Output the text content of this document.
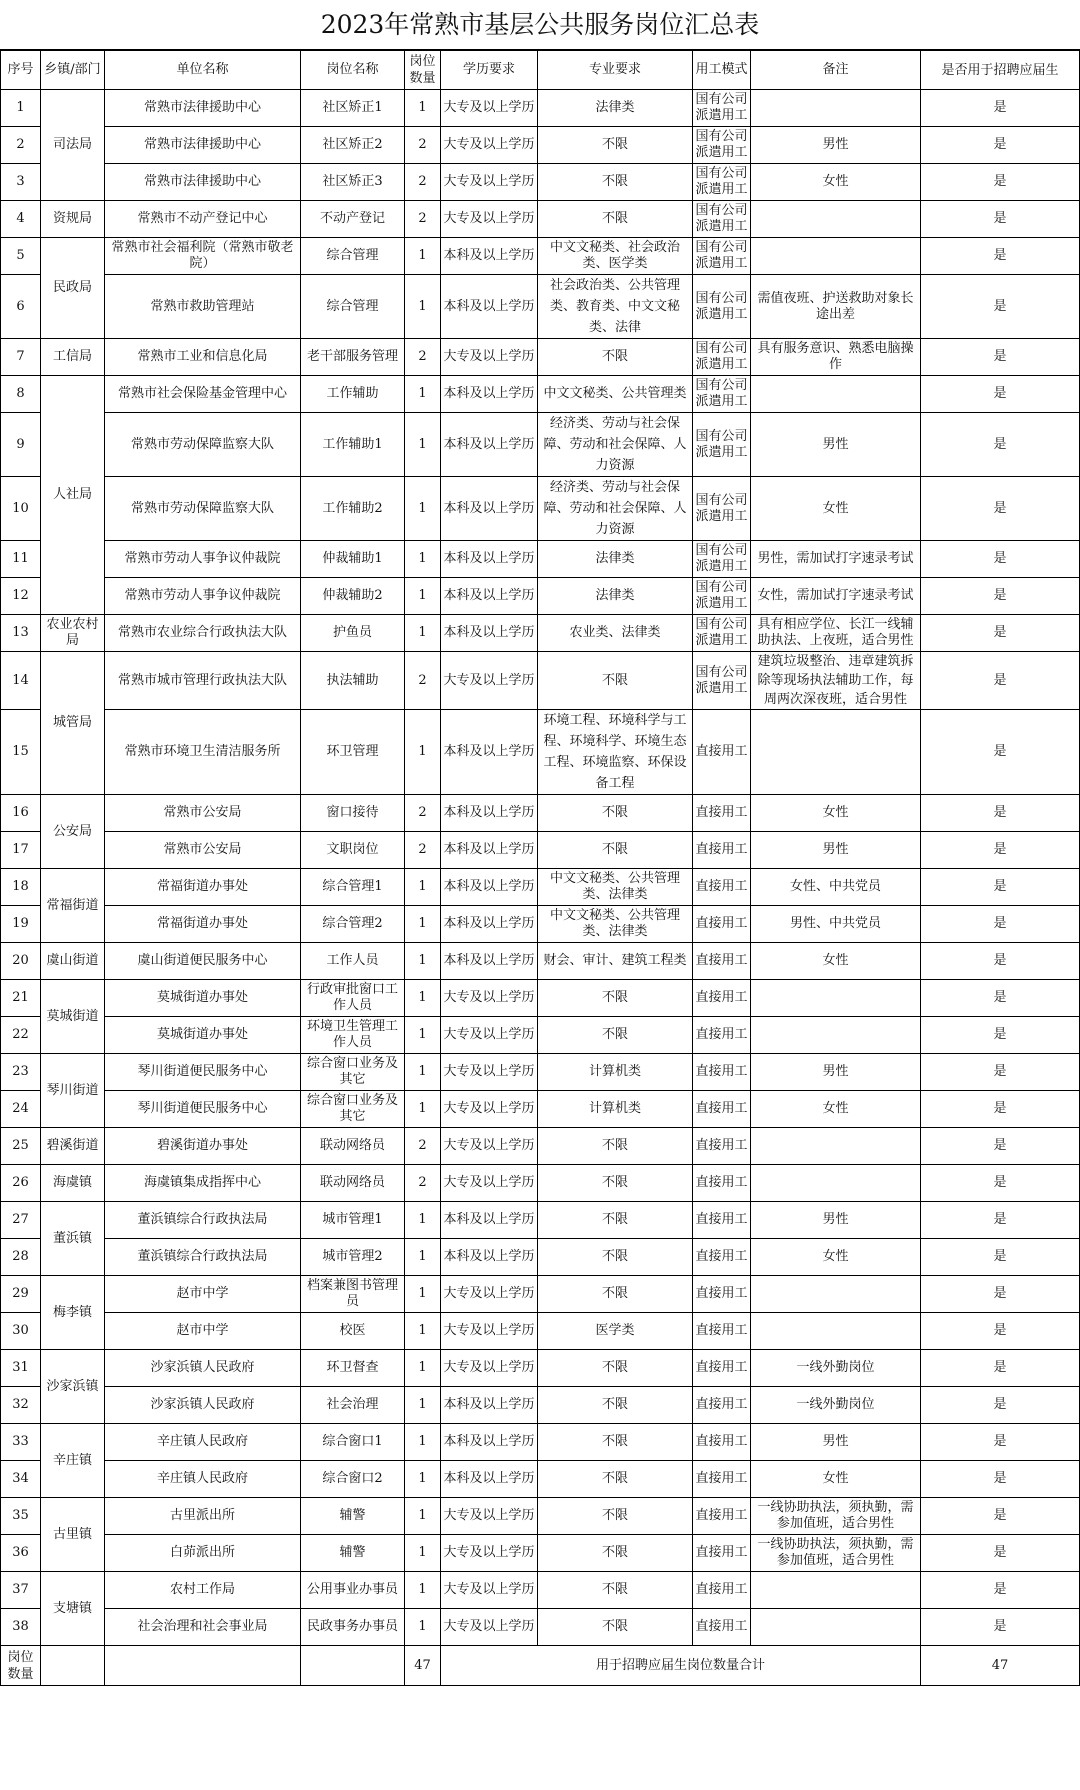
2023年常熟市基层公共服务岗位汇总表
序号	乡镇/部门	单位名称	岗位名称	岗位数量	学历要求	专业要求	用工模式	备注	是否用于招聘应届生
1	司法局	常熟市法律援助中心	社区矫正1	1	大专及以上学历	法律类	国有公司派遣用工		是
2		常熟市法律援助中心	社区矫正2	2	大专及以上学历	不限	国有公司派遣用工	男性	是
3		常熟市法律援助中心	社区矫正3	2	大专及以上学历	不限	国有公司派遣用工	女性	是
4	资规局	常熟市不动产登记中心	不动产登记	2	大专及以上学历	不限	国有公司派遣用工		是
5	民政局	常熟市社会福利院（常熟市敬老院）	综合管理	1	本科及以上学历	中文文秘类、社会政治类、医学类	国有公司派遣用工		是
6		常熟市救助管理站	综合管理	1	本科及以上学历	社会政治类、公共管理类、教育类、中文文秘类、法律	国有公司派遣用工	需值夜班、护送救助对象长途出差	是
7	工信局	常熟市工业和信息化局	老干部服务管理	2	大专及以上学历	不限	国有公司派遣用工	具有服务意识、熟悉电脑操作	是
8	人社局	常熟市社会保险基金管理中心	工作辅助	1	本科及以上学历	中文文秘类、公共管理类	国有公司派遣用工		是
9		常熟市劳动保障监察大队	工作辅助1	1	本科及以上学历	经济类、劳动与社会保障、劳动和社会保障、人力资源	国有公司派遣用工	男性	是
10		常熟市劳动保障监察大队	工作辅助2	1	本科及以上学历	经济类、劳动与社会保障、劳动和社会保障、人力资源	国有公司派遣用工	女性	是
11		常熟市劳动人事争议仲裁院	仲裁辅助1	1	本科及以上学历	法律类	国有公司派遣用工	男性，需加试打字速录考试	是
12		常熟市劳动人事争议仲裁院	仲裁辅助2	1	本科及以上学历	法律类	国有公司派遣用工	女性，需加试打字速录考试	是
13	农业农村局	常熟市农业综合行政执法大队	护鱼员	1	本科及以上学历	农业类、法律类	国有公司派遣用工	具有相应学位、长江一线辅助执法、上夜班，适合男性	是
14	城管局	常熟市城市管理行政执法大队	执法辅助	2	大专及以上学历	不限	国有公司派遣用工	建筑垃圾整治、违章建筑拆除等现场执法辅助工作，每周两次深夜班，适合男性	是
15		常熟市环境卫生清洁服务所	环卫管理	1	本科及以上学历	环境工程、环境科学与工程、环境科学、环境生态工程、环境监察、环保设备工程	直接用工		是
16	公安局	常熟市公安局	窗口接待	2	本科及以上学历	不限	直接用工	女性	是
17		常熟市公安局	文职岗位	2	本科及以上学历	不限	直接用工	男性	是
18	常福街道	常福街道办事处	综合管理1	1	本科及以上学历	中文文秘类、公共管理类、法律类	直接用工	女性、中共党员	是
19		常福街道办事处	综合管理2	1	本科及以上学历	中文文秘类、公共管理类、法律类	直接用工	男性、中共党员	是
20	虞山街道	虞山街道便民服务中心	工作人员	1	本科及以上学历	财会、审计、建筑工程类	直接用工	女性	是
21	莫城街道	莫城街道办事处	行政审批窗口工作人员	1	大专及以上学历	不限	直接用工		是
22		莫城街道办事处	环境卫生管理工作人员	1	大专及以上学历	不限	直接用工		是
23	琴川街道	琴川街道便民服务中心	综合窗口业务及其它	1	大专及以上学历	计算机类	直接用工	男性	是
24		琴川街道便民服务中心	综合窗口业务及其它	1	大专及以上学历	计算机类	直接用工	女性	是
25	碧溪街道	碧溪街道办事处	联动网络员	2	大专及以上学历	不限	直接用工		是
26	海虞镇	海虞镇集成指挥中心	联动网络员	2	大专及以上学历	不限	直接用工		是
27	董浜镇	董浜镇综合行政执法局	城市管理1	1	本科及以上学历	不限	直接用工	男性	是
28		董浜镇综合行政执法局	城市管理2	1	本科及以上学历	不限	直接用工	女性	是
29	梅李镇	赵市中学	档案兼图书管理员	1	大专及以上学历	不限	直接用工		是
30		赵市中学	校医	1	大专及以上学历	医学类	直接用工		是
31	沙家浜镇	沙家浜镇人民政府	环卫督查	1	大专及以上学历	不限	直接用工	一线外勤岗位	是
32		沙家浜镇人民政府	社会治理	1	本科及以上学历	不限	直接用工	一线外勤岗位	是
33	辛庄镇	辛庄镇人民政府	综合窗口1	1	本科及以上学历	不限	直接用工	男性	是
34		辛庄镇人民政府	综合窗口2	1	本科及以上学历	不限	直接用工	女性	是
35	古里镇	古里派出所	辅警	1	大专及以上学历	不限	直接用工	一线协助执法，须执勤，需参加值班，适合男性	是
36		白茆派出所	辅警	1	大专及以上学历	不限	直接用工	一线协助执法，须执勤，需参加值班，适合男性	是
37	支塘镇	农村工作局	公用事业办事员	1	大专及以上学历	不限	直接用工		是
38		社会治理和社会事业局	民政事务办事员	1	大专及以上学历	不限	直接用工		是
岗位数量				47	用于招聘应届生岗位数量合计				47
